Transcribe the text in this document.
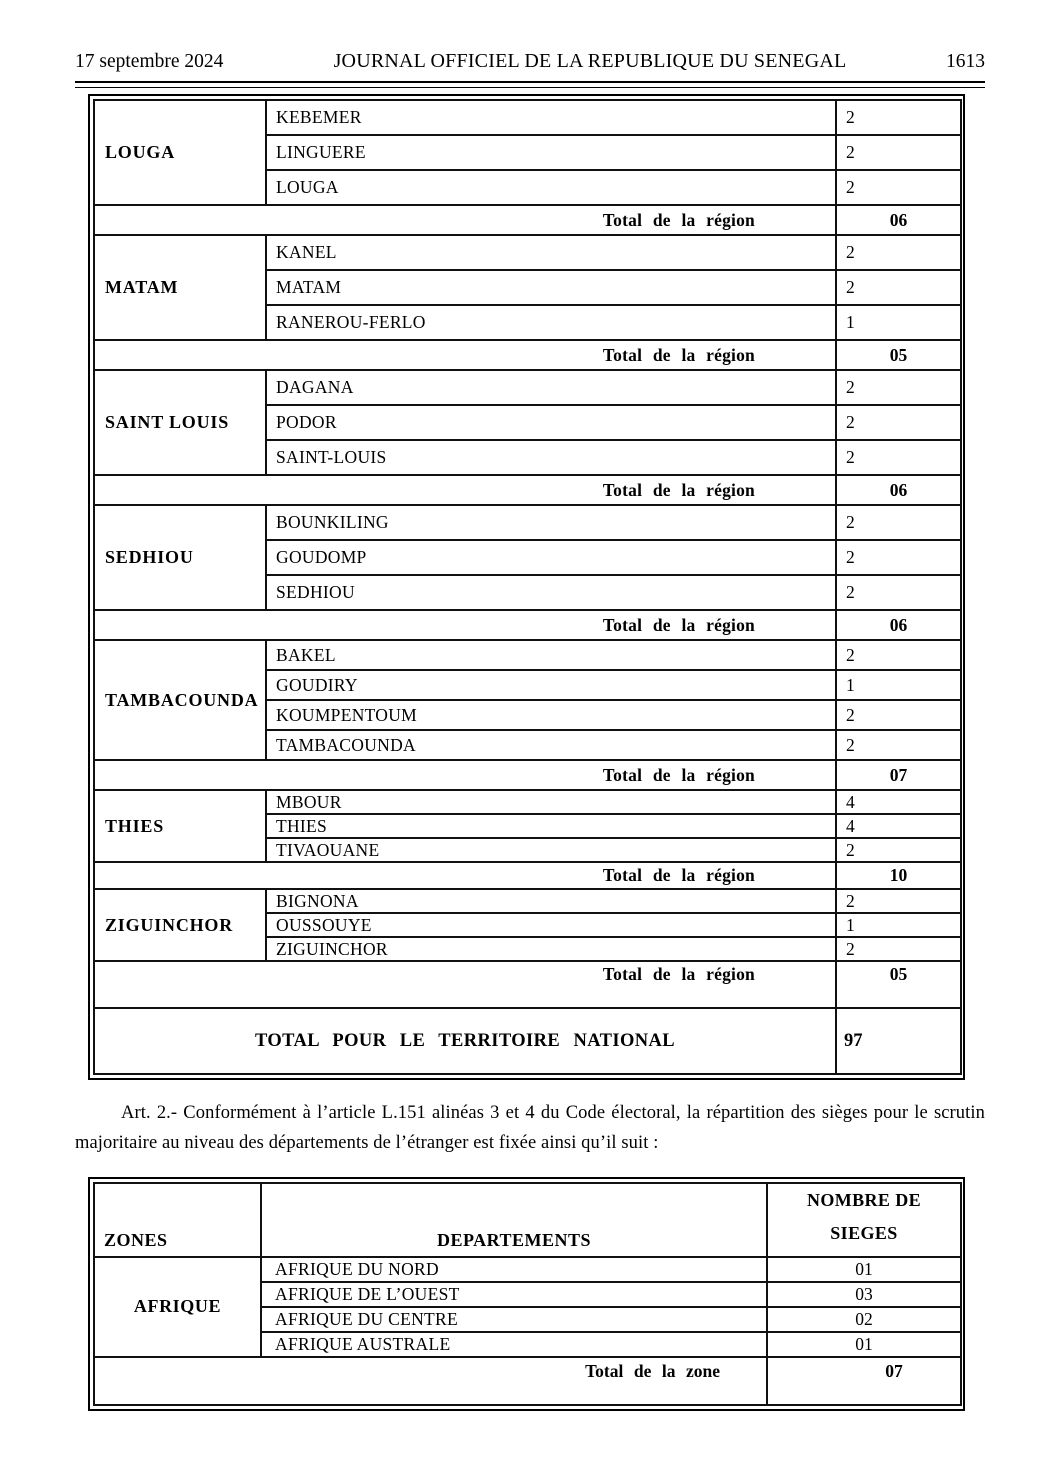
17 septembre 2024	JOURNAL OFFICIEL DE LA REPUBLIQUE DU SENEGAL	1613
LOUGA	KEBEMER	2
	LINGUERE	2
	LOUGA	2
Total de la région		06
MATAM	KANEL	2
	MATAM	2
	RANEROU-FERLO	1
Total de la région		05
SAINT LOUIS	DAGANA	2
	PODOR	2
	SAINT-LOUIS	2
Total de la région		06
SEDHIOU	BOUNKILING	2
	GOUDOMP	2
	SEDHIOU	2
Total de la région		06
TAMBACOUNDA	BAKEL	2
	GOUDIRY	1
	KOUMPENTOUM	2
	TAMBACOUNDA	2
Total de la région		07
THIES	MBOUR	4
	THIES	4
	TIVAOUANE	2
Total de la région		10
ZIGUINCHOR	BIGNONA	2
	OUSSOUYE	1
	ZIGUINCHOR	2
Total de la région		05
TOTAL POUR LE TERRITOIRE NATIONAL		97

Art. 2.- Conformément à l’article L.151 alinéas 3 et 4 du Code électoral, la répartition des sièges pour le scrutin majoritaire au niveau des départements de l’étranger est fixée ainsi qu’il suit :

ZONES	DEPARTEMENTS	NOMBRE DE
SIEGES

AFRIQUE	AFRIQUE DU NORD	01
	AFRIQUE DE L’OUEST	03
	AFRIQUE DU CENTRE	02
	AFRIQUE AUSTRALE	01
Total de la zone		07
